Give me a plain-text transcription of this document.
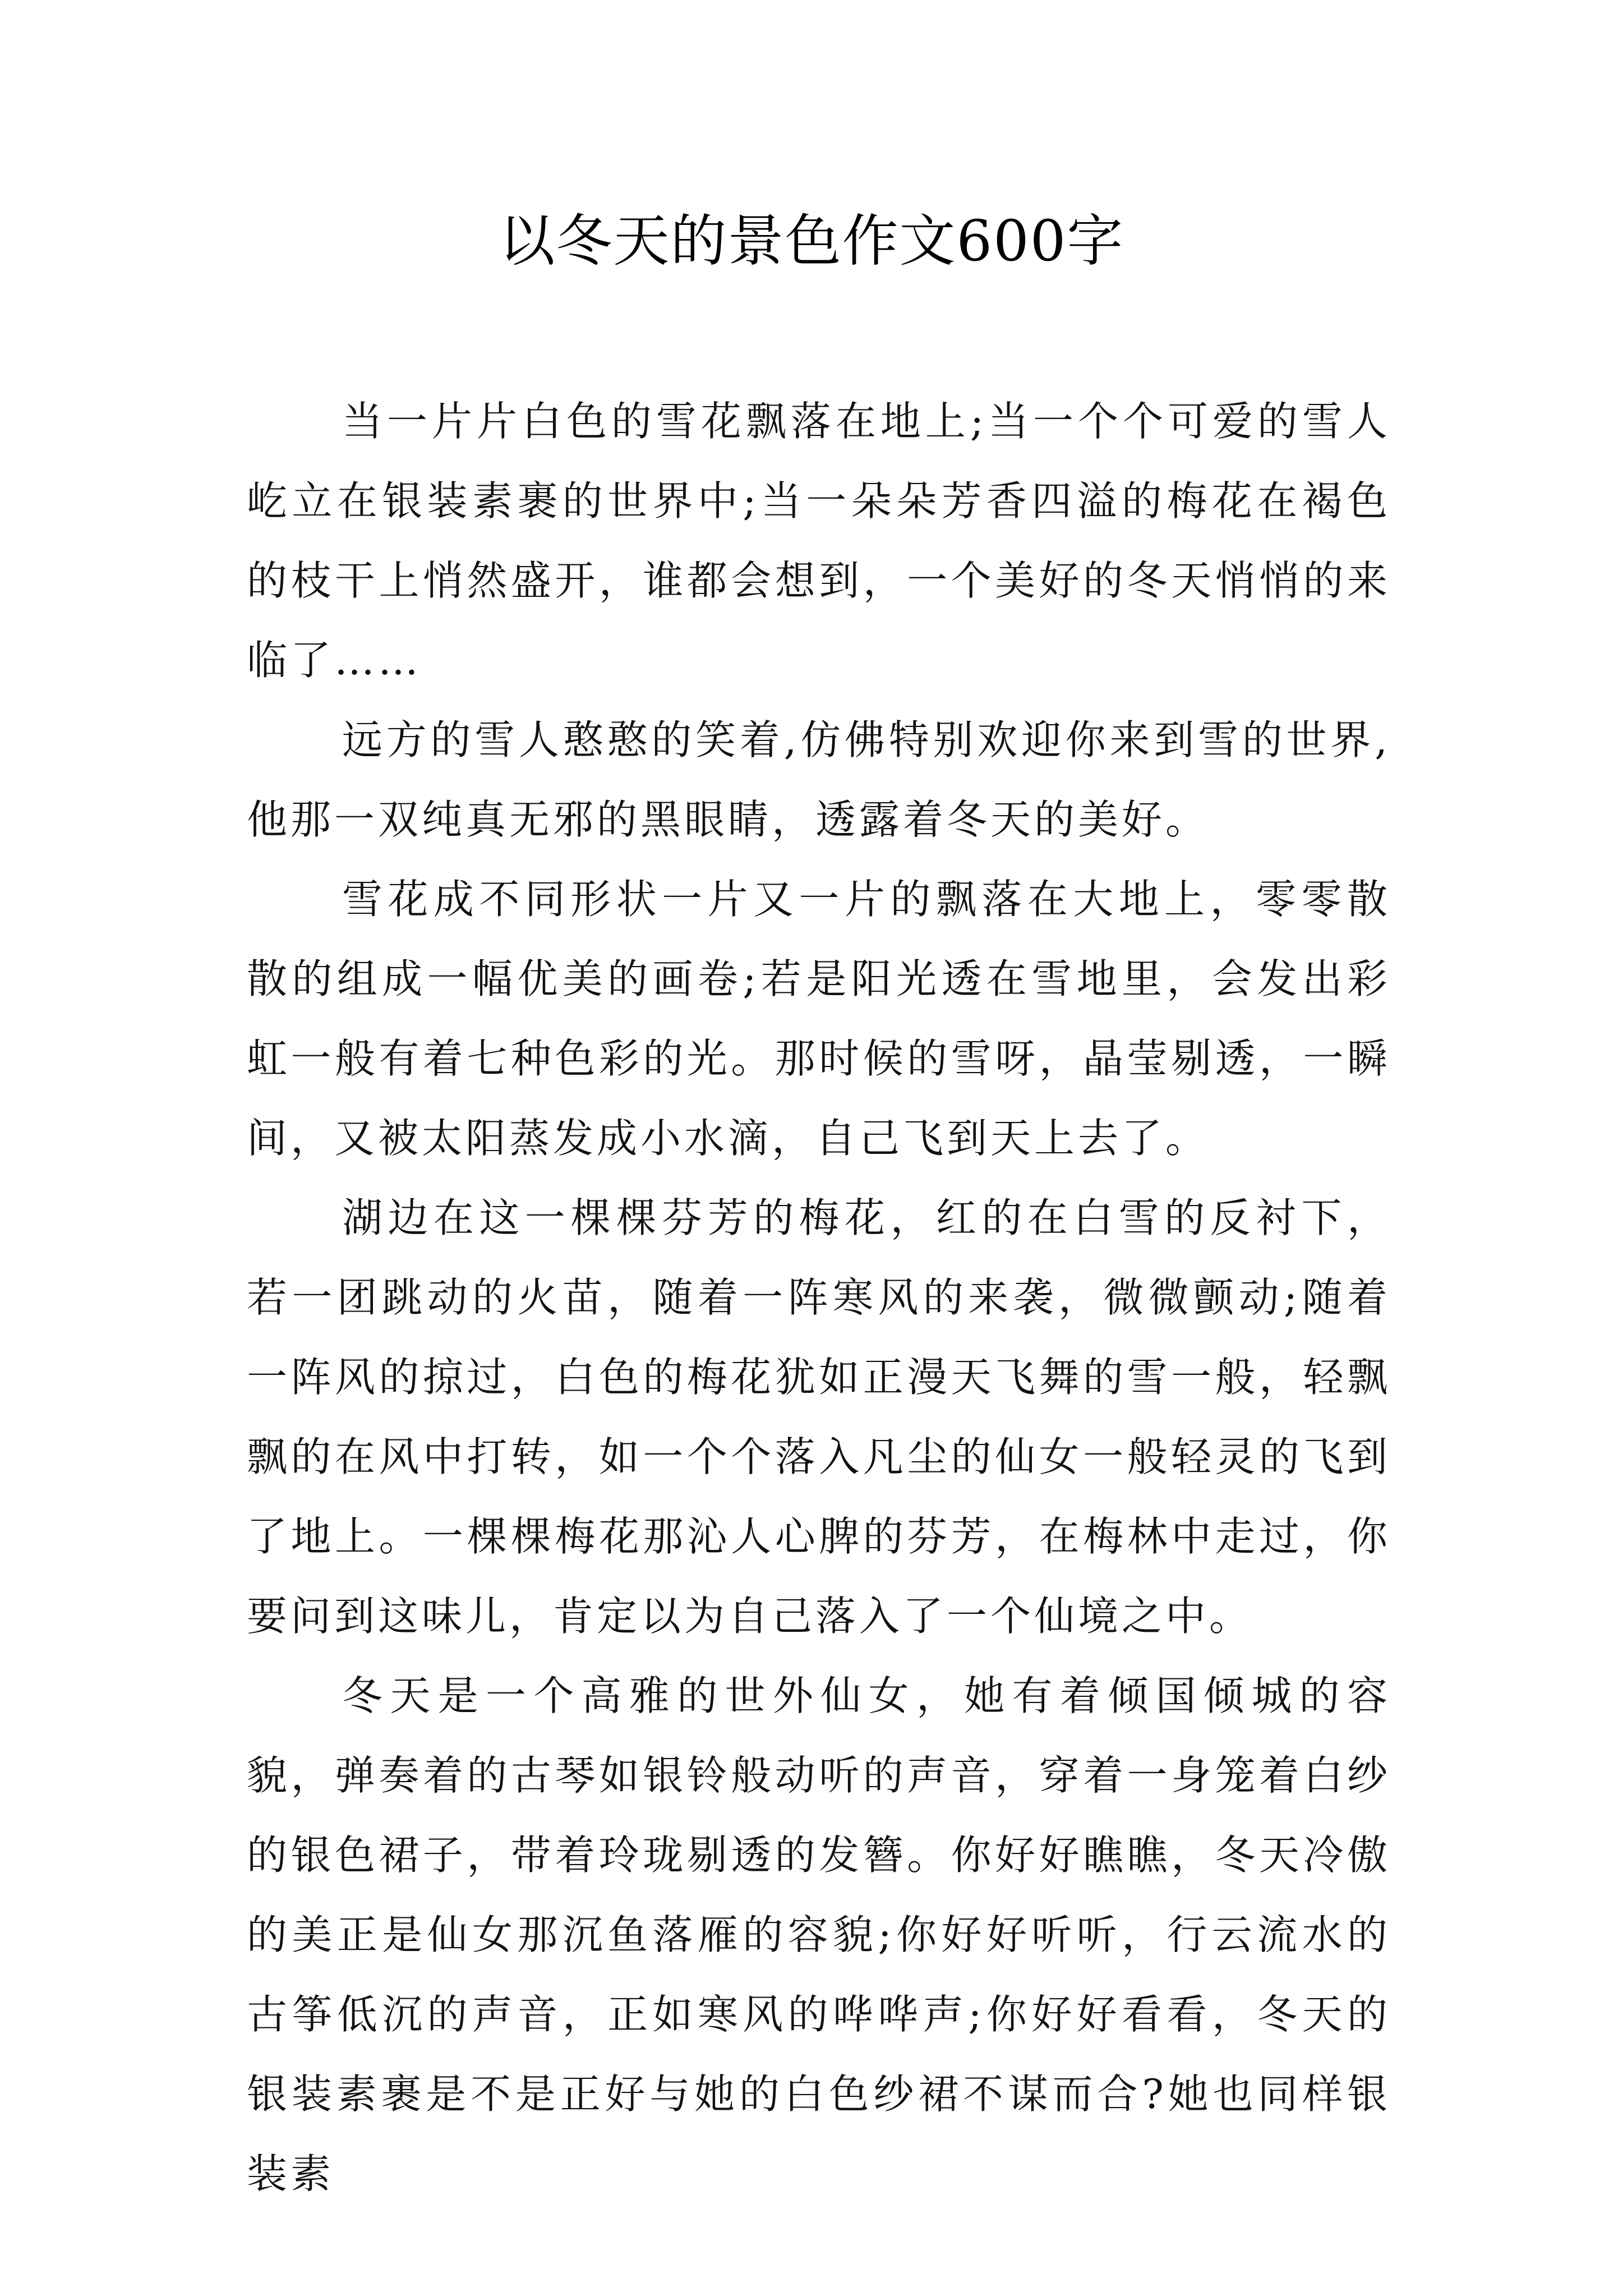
以冬天的景色作文600字

当一片片白色的雪花飘落在地上;当一个个可爱的雪人屹立在银装素裹的世界中;当一朵朵芳香四溢的梅花在褐色的枝干上悄然盛开，谁都会想到，一个美好的冬天悄悄的来临了……

远方的雪人憨憨的笑着,仿佛特别欢迎你来到雪的世界,他那一双纯真无邪的黑眼睛，透露着冬天的美好。

雪花成不同形状一片又一片的飘落在大地上，零零散散的组成一幅优美的画卷;若是阳光透在雪地里，会发出彩虹一般有着七种色彩的光。那时候的雪呀，晶莹剔透，一瞬间，又被太阳蒸发成小水滴，自己飞到天上去了。

湖边在这一棵棵芬芳的梅花，红的在白雪的反衬下，若一团跳动的火苗，随着一阵寒风的来袭，微微颤动;随着一阵风的掠过，白色的梅花犹如正漫天飞舞的雪一般，轻飘飘的在风中打转，如一个个落入凡尘的仙女一般轻灵的飞到了地上。一棵棵梅花那沁人心脾的芬芳，在梅林中走过，你要问到这味儿，肯定以为自己落入了一个仙境之中。

冬天是一个高雅的世外仙女，她有着倾国倾城的容貌，弹奏着的古琴如银铃般动听的声音，穿着一身笼着白纱的银色裙子，带着玲珑剔透的发簪。你好好瞧瞧，冬天冷傲的美正是仙女那沉鱼落雁的容貌;你好好听听，行云流水的古筝低沉的声音，正如寒风的哗哗声;你好好看看，冬天的银装素裹是不是正好与她的白色纱裙不谋而合?她也同样银装素
